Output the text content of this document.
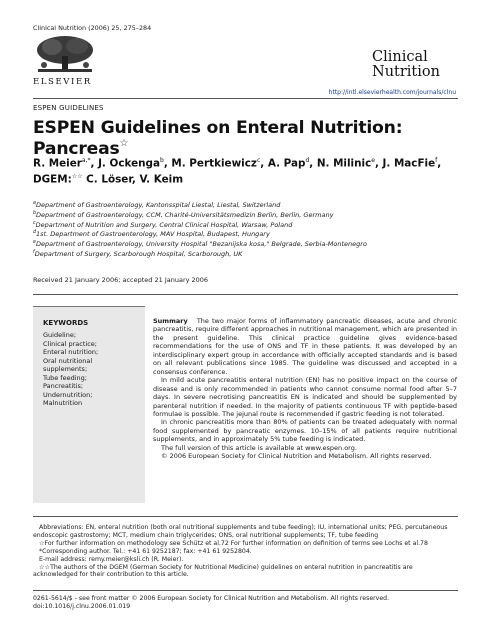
Clinical Nutrition (2006) 25, 275–284
ELSEVIER
Clinical
Nutrition
http://intl.elsevierhealth.com/journals/clnu
ESPEN GUIDELINES
ESPEN Guidelines on Enteral Nutrition: Pancreas☆
R. Meier$^{a,*}$, J. Ockenga$^b$, M. Pertkiewicz$^c$, A. Pap$^d$, N. Milinic$^e$, J. MacFie$^f$,
DGEM:☆☆ C. Löser, V. Keim
$^a$Department of Gastroenterology, Kantonsspital Liestal, Liestal, Switzerland
$^b$Department of Gastroenterology, CCM, Charité-Universitätsmedizin Berlin, Berlin, Germany
$^c$Department of Nutrition and Surgery, Central Clinical Hospital, Warsaw, Poland
$^d$1st. Department of Gastroenterology, MAV Hospital, Budapest, Hungary
$^e$Department of Gastroenterology, University Hospital "Bezanijska kosa," Belgrade, Serbia-Montenegro
$^f$Department of Surgery, Scarborough Hospital, Scarborough, UK
Received 21 January 2006; accepted 21 January 2006
KEYWORDS
Guideline;
Clinical practice;
Enteral nutrition;
Oral nutritional
supplements;
Tube feeding;
Pancreatitis;
Undernutrition;
Malnutrition

Summary The two major forms of inflammatory pancreatic diseases, acute and chronic pancreatitis, require different approaches in nutritional management, which are presented in the present guideline. This clinical practice guideline gives evidence-based recommendations for the use of ONS and TF in these patients. It was developed by an interdisciplinary expert group in accordance with officially accepted standards and is based on all relevant publications since 1985. The guideline was discussed and accepted in a consensus conference.

In mild acute pancreatitis enteral nutrition (EN) has no positive impact on the course of disease and is only recommended in patients who cannot consume normal food after 5–7 days. In severe necrotising pancreatitis EN is indicated and should be supplemented by parenteral nutrition if needed. In the majority of patients continuous TF with peptide-based formulae is possible. The jejunal route is recommended if gastric feeding is not tolerated.

In chronic pancreatitis more than 80% of patients can be treated adequately with normal food supplemented by pancreatic enzymes. 10–15% of all patients require nutritional supplements, and in approximately 5% tube feeding is indicated.

The full version of this article is available at www.espen.org.

© 2006 European Society for Clinical Nutrition and Metabolism. All rights reserved.

Abbreviations: EN, enteral nutrition (both oral nutritional supplements and tube feeding); IU, international units; PEG, percutaneous endoscopic gastrostomy; MCT, medium chain triglycerides; ONS, oral nutritional supplements; TF, tube feeding

☆For further information on methodology see Schütz et al.72 For further information on definition of terms see Lochs et al.78

*Corresponding author. Tel.: +41 61 9252187; fax: +41 61 9252804.

E-mail address: remy.meier@ksli.ch (R. Meier).

☆☆The authors of the DGEM (German Society for Nutritional Medicine) guidelines on enteral nutrition in pancreatitis are acknowledged for their contribution to this article.

0261-5614/$ - see front matter © 2006 European Society for Clinical Nutrition and Metabolism. All rights reserved.
doi:10.1016/j.clnu.2006.01.019
